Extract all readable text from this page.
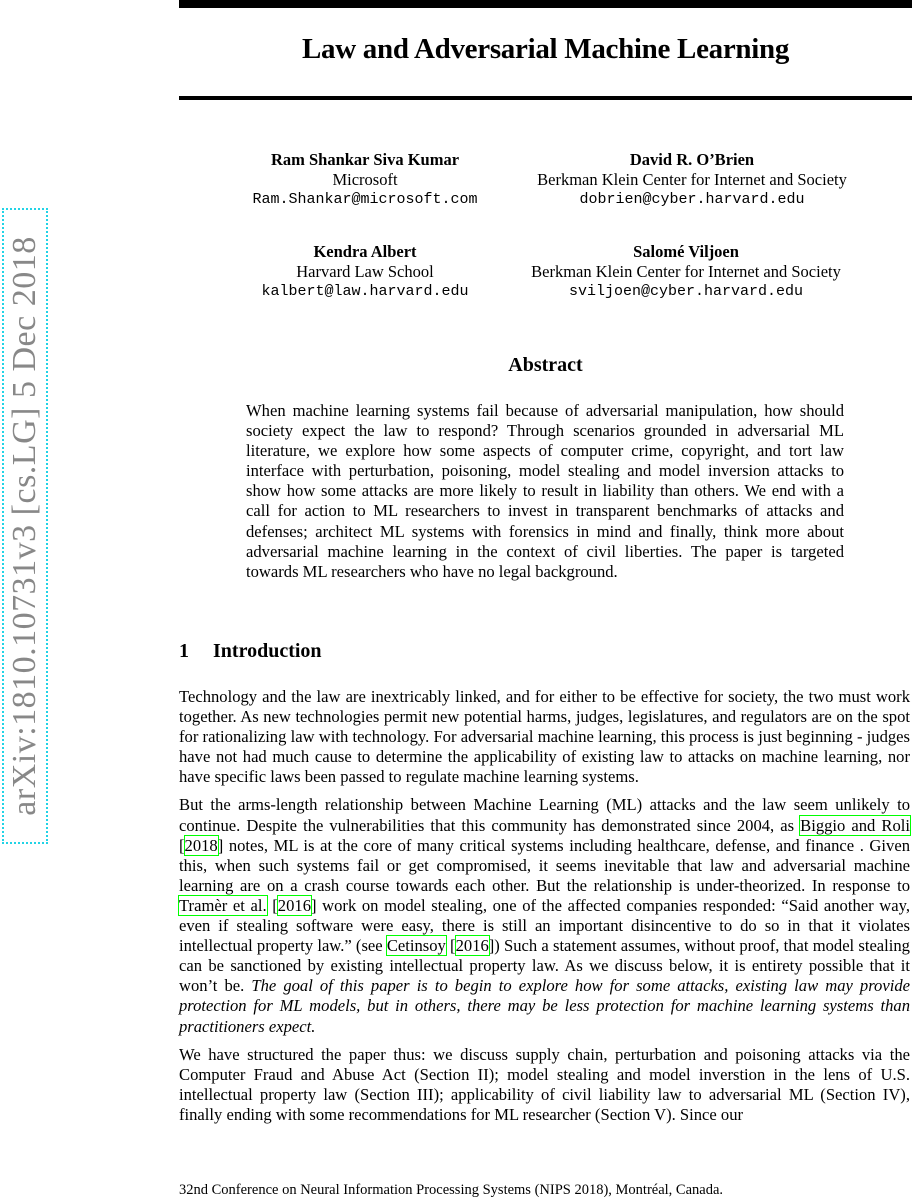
arXiv:1810.10731v3 [cs.LG] 5 Dec 2018
Law and Adversarial Machine Learning
Ram Shankar Siva Kumar
Microsoft
Ram.Shankar@microsoft.com
David R. O’Brien
Berkman Klein Center for Internet and Society
dobrien@cyber.harvard.edu
Kendra Albert
Harvard Law School
kalbert@law.harvard.edu
Salomé Viljoen
Berkman Klein Center for Internet and Society
sviljoen@cyber.harvard.edu
Abstract
When machine learning systems fail because of adversarial manipulation, how should society expect the law to respond? Through scenarios grounded in adversarial ML literature, we explore how some aspects of computer crime, copyright, and tort law interface with perturbation, poisoning, model stealing and model inversion attacks to show how some attacks are more likely to result in liability than others. We end with a call for action to ML researchers to invest in transparent benchmarks of attacks and defenses; architect ML systems with forensics in mind and finally, think more about adversarial machine learning in the context of civil liberties. The paper is targeted towards ML researchers who have no legal background.
1 Introduction

Technology and the law are inextricably linked, and for either to be effective for society, the two must work together. As new technologies permit new potential harms, judges, legislatures, and regulators are on the spot for rationalizing law with technology. For adversarial machine learning, this process is just beginning - judges have not had much cause to determine the applicability of existing law to attacks on machine learning, nor have specific laws been passed to regulate machine learning systems.

But the arms-length relationship between Machine Learning (ML) attacks and the law seem unlikely to continue. Despite the vulnerabilities that this community has demonstrated since 2004, as Biggio and Roli [2018] notes, ML is at the core of many critical systems including healthcare, defense, and finance . Given this, when such systems fail or get compromised, it seems inevitable that law and adversarial machine learning are on a crash course towards each other. But the relationship is under-theorized. In response to Tramèr et al. [2016] work on model stealing, one of the affected companies responded: “Said another way, even if stealing software were easy, there is still an important disincentive to do so in that it violates intellectual property law.” (see Cetinsoy [2016]) Such a statement assumes, without proof, that model stealing can be sanctioned by existing intellectual property law. As we discuss below, it is entirety possible that it won’t be. The goal of this paper is to begin to explore how for some attacks, existing law may provide protection for ML models, but in others, there may be less protection for machine learning systems than practitioners expect.

We have structured the paper thus: we discuss supply chain, perturbation and poisoning attacks via the Computer Fraud and Abuse Act (Section II); model stealing and model inverstion in the lens of U.S. intellectual property law (Section III); applicability of civil liability law to adversarial ML (Section IV), finally ending with some recommendations for ML researcher (Section V). Since our

32nd Conference on Neural Information Processing Systems (NIPS 2018), Montréal, Canada.
